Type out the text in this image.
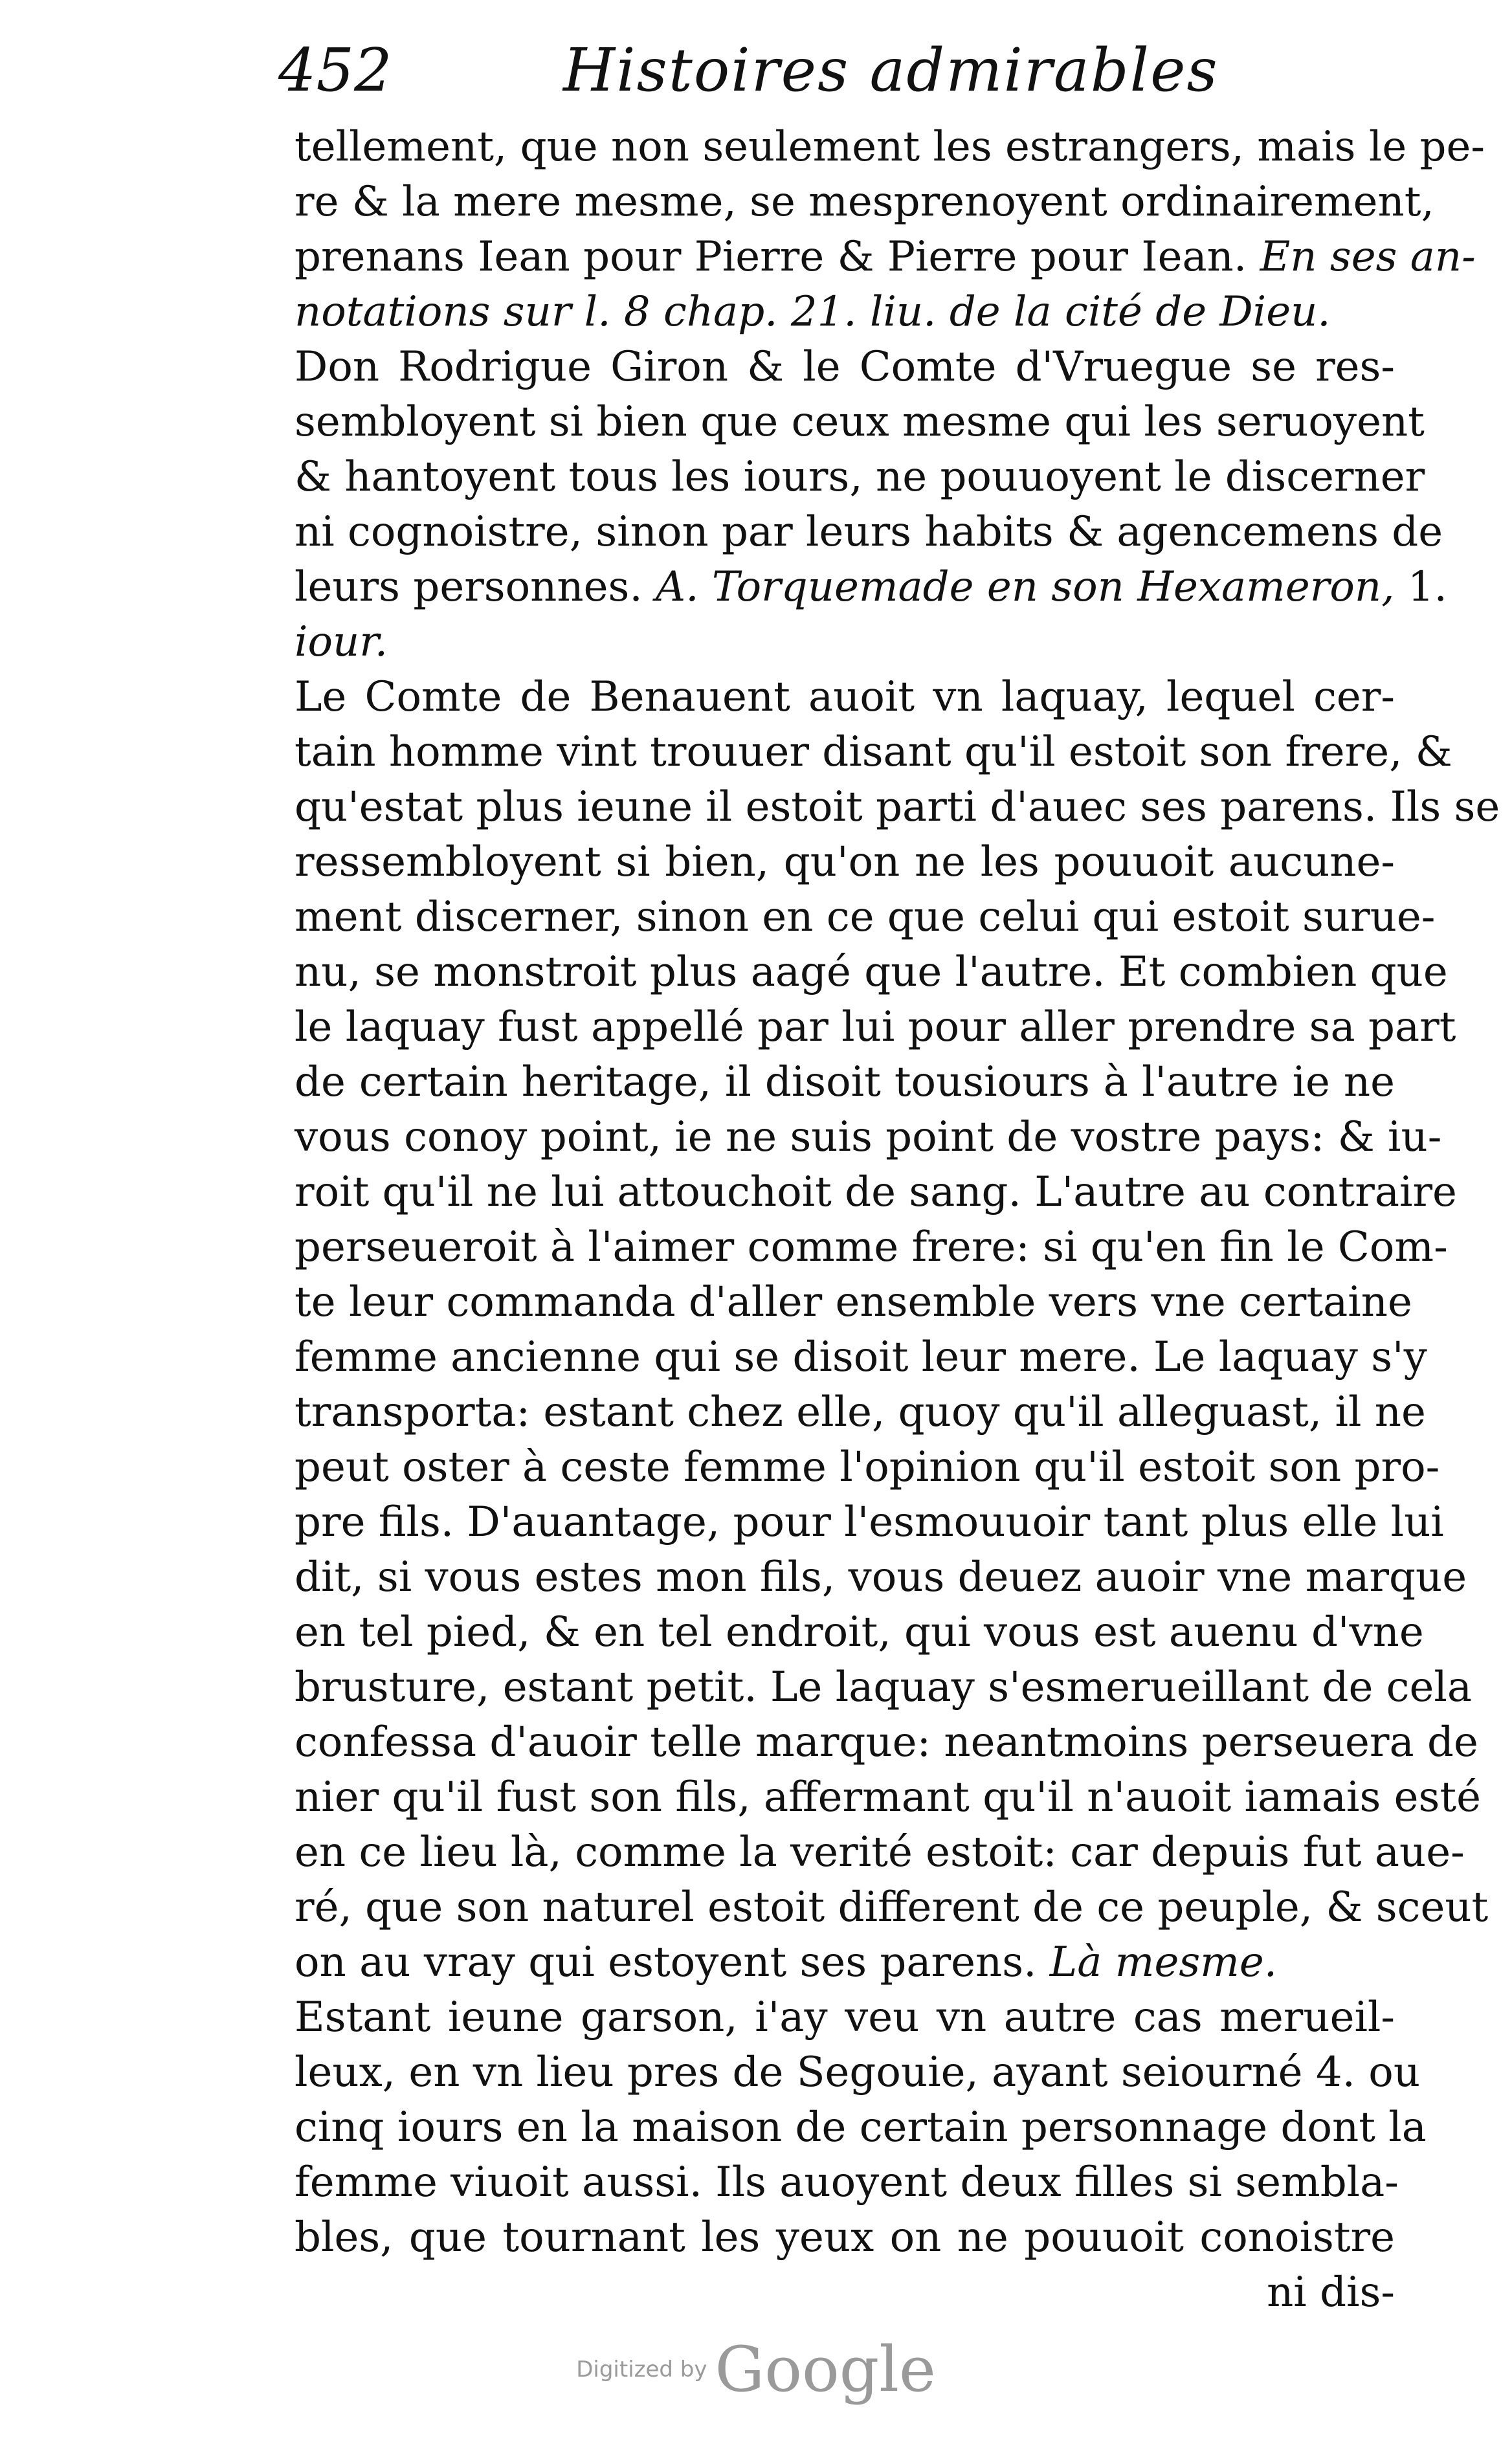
452	Histoires admirables
tellement, que non seulement les estrangers, mais le pe-
re & la mere mesme, se mesprenoyent ordinairement,
prenans Iean pour Pierre & Pierre pour Iean. En ses an-
notations sur l. 8 chap. 21. liu. de la cité de Dieu.
Don Rodrigue Giron & le Comte d'Vruegue se res-
sembloyent si bien que ceux mesme qui les seruoyent
& hantoyent tous les iours, ne pouuoyent le discerner
ni cognoistre, sinon par leurs habits & agencemens de
leurs personnes. A. Torquemade en son Hexameron, 1.
iour.
Le Comte de Benauent auoit vn laquay, lequel cer-
tain homme vint trouuer disant qu'il estoit son frere, &
qu'estat plus ieune il estoit parti d'auec ses parens. Ils se
ressembloyent si bien, qu'on ne les pouuoit aucune-
ment discerner, sinon en ce que celui qui estoit surue-
nu, se monstroit plus aagé que l'autre. Et combien que
le laquay fust appellé par lui pour aller prendre sa part
de certain heritage, il disoit tousiours à l'autre ie ne
vous conoy point, ie ne suis point de vostre pays: & iu-
roit qu'il ne lui attouchoit de sang. L'autre au contraire
perseueroit à l'aimer comme frere: si qu'en fin le Com-
te leur commanda d'aller ensemble vers vne certaine
femme ancienne qui se disoit leur mere. Le laquay s'y
transporta: estant chez elle, quoy qu'il alleguast, il ne
peut oster à ceste femme l'opinion qu'il estoit son pro-
pre fils. D'auantage, pour l'esmouuoir tant plus elle lui
dit, si vous estes mon fils, vous deuez auoir vne marque
en tel pied, & en tel endroit, qui vous est auenu d'vne
brusture, estant petit. Le laquay s'esmerueillant de cela
confessa d'auoir telle marque: neantmoins perseuera de
nier qu'il fust son fils, affermant qu'il n'auoit iamais esté
en ce lieu là, comme la verité estoit: car depuis fut aue-
ré, que son naturel estoit different de ce peuple, & sceut
on au vray qui estoyent ses parens. Là mesme.
Estant ieune garson, i'ay veu vn autre cas merueil-
leux, en vn lieu pres de Segouie, ayant seiourné 4. ou
cinq iours en la maison de certain personnage dont la
femme viuoit aussi. Ils auoyent deux filles si sembla-
bles, que tournant les yeux on ne pouuoit conoistre
ni dis-
Digitized by Google
